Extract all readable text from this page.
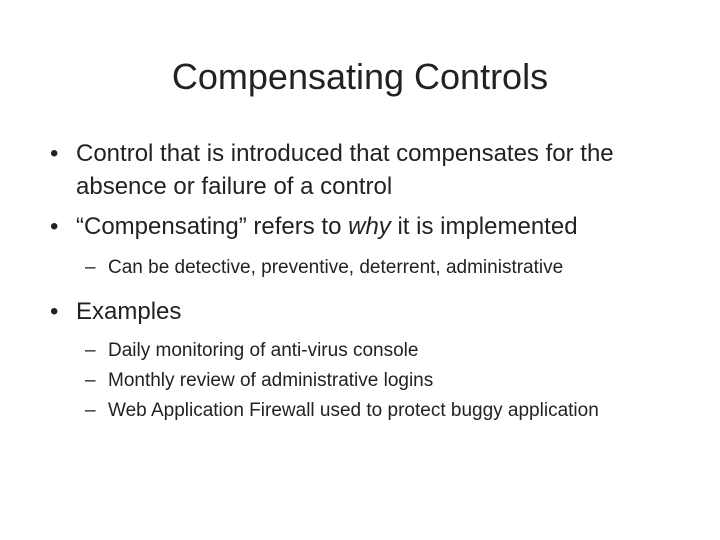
Compensating Controls
• Control that is introduced that compensates for the absence or failure of a control
• “Compensating” refers to why it is implemented
– Can be detective, preventive, deterrent, administrative
• Examples
– Daily monitoring of anti-virus console
– Monthly review of administrative logins
– Web Application Firewall used to protect buggy application
